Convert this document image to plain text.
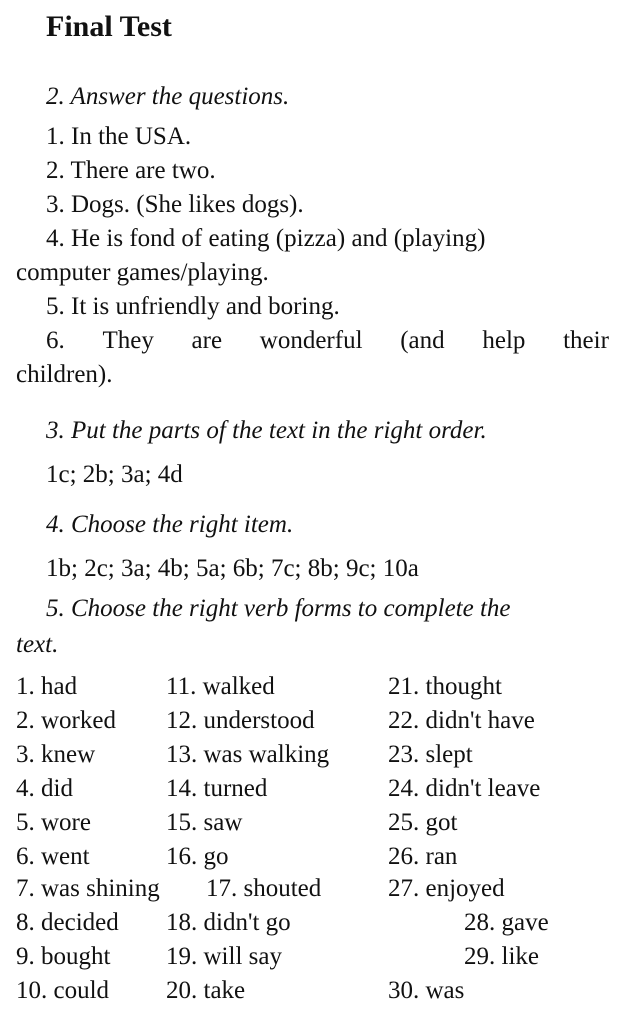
Final Test
2. Answer the questions.
1. In the USA.
2. There are two.
3. Dogs. (She likes dogs).
4. He is fond of eating (pizza) and (playing)
computer games/playing.
5. It is unfriendly and boring.
6. They are wonderful (and help their
children).
3. Put the parts of the text in the right order.
1c; 2b; 3a; 4d
4. Choose the right item.
1b; 2c; 3a; 4b; 5a; 6b; 7c; 8b; 9c; 10a
5. Choose the right verb forms to complete the
text.
1. had
2. worked
3. knew
4. did
5. wore
6. went
7. was shining
8. decided
9. bought
10. could
11. walked
12. understood
13. was walking
14. turned
15. saw
16. go
17. shouted
18. didn't go
19. will say
20. take
21. thought
22. didn't have
23. slept
24. didn't leave
25. got
26. ran
27. enjoyed
28. gave
29. like
30. was
